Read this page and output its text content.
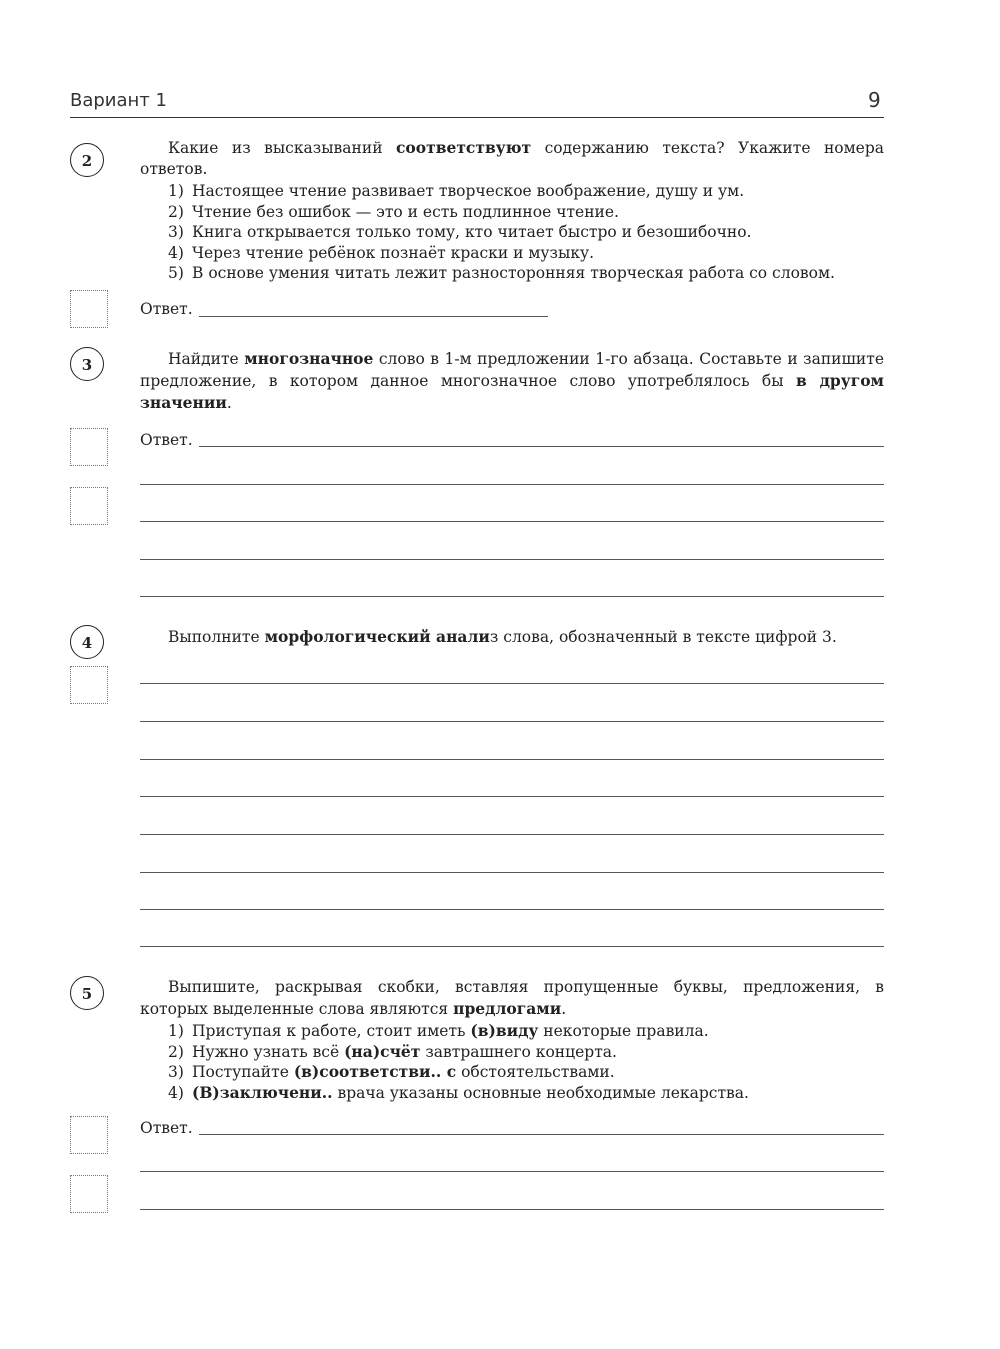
Вариант 1	9
2
Какие из высказываний соответствуют содержанию текста? Укажите номера ответов.
1) Настоящее чтение развивает творческое воображение, душу и ум.
2) Чтение без ошибок — это и есть подлинное чтение.
3) Книга открывается только тому, кто читает быстро и безошибочно.
4) Через чтение ребёнок познаёт краски и музыку.
5) В основе умения читать лежит разносторонняя творческая работа со словом.
Ответ.
3	Найдите многозначное слово в 1-м предложении 1-го абзаца. Составьте и запишите предложение, в котором данное многозначное слово употреблялось бы в другом значении.
Ответ.
4	Выполните морфологический анализ слова, обозначенный в тексте цифрой 3.
5	Выпишите, раскрывая скобки, вставляя пропущенные буквы, предложения, в которых выделенные слова являются предлогами.
1) Приступая к работе, стоит иметь (в)виду некоторые правила.
2) Нужно узнать всё (на)счёт завтрашнего концерта.
3) Поступайте (в)соответстви.. с обстоятельствами.
4) (В)заключени.. врача указаны основные необходимые лекарства.
Ответ.
